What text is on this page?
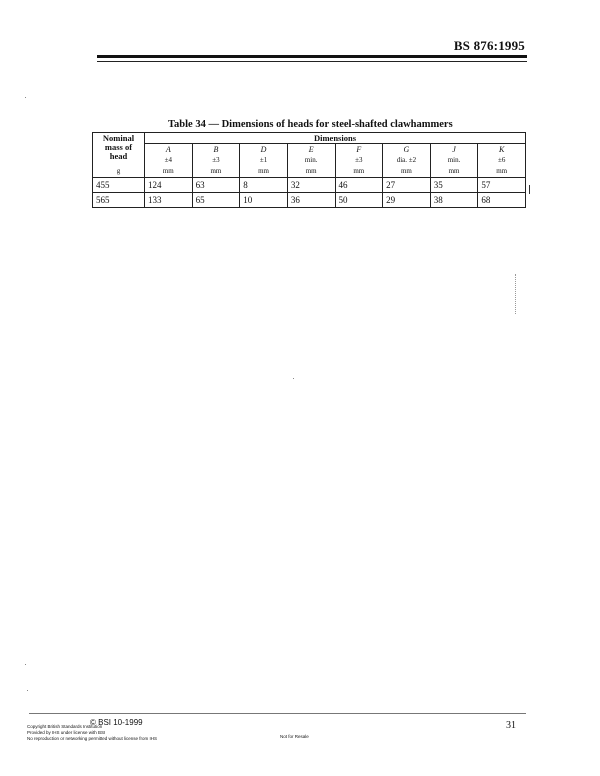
BS 876:1995
Table 34 — Dimensions of heads for steel-shafted clawhammers
Nominal mass of head
g	Dimensions							
	A	B	D	E	F	G	J	K
	±4	±3	±1	min.	±3	dia. ±2	min.	±6
	mm	mm	mm	mm	mm	mm	mm	mm
455	124	63	8	32	46	27	35	57
565	133	65	10	36	50	29	38	68
© BSI 10-1999
Copyright British Standards Institution
Provided by IHS under license with BSI
No reproduction or networking permitted without license from IHS	Not for Resale
31
